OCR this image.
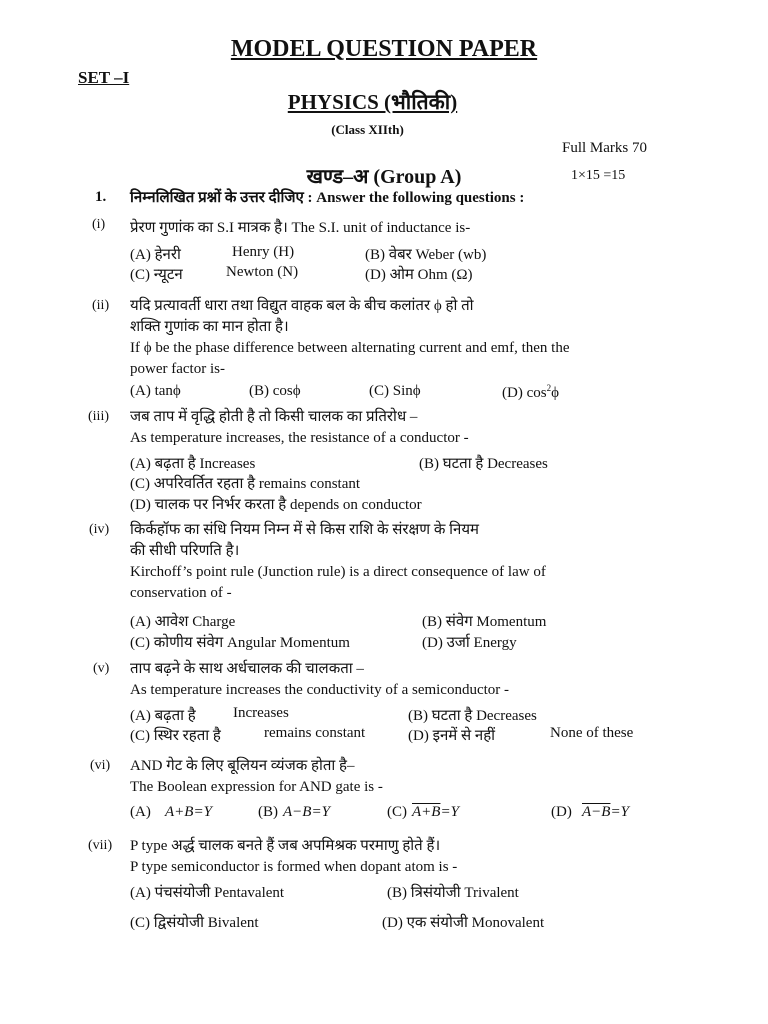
MODEL QUESTION PAPER
SET –I
PHYSICS (भौतिकी)
(Class XIIth)
Full Marks 70
खण्ड–अ (Group A)	1×15 =15
1. निम्नलिखित प्रश्नों के उत्तर दीजिए : Answer the following questions :
(i) प्रेरण गुणांक का S.I मात्रक है। The S.I. unit of inductance is-
(A) हेनरी	Henry (H)	(B) वेबर Weber (wb)
(C) न्यूटन	Newton (N)	(D) ओम Ohm (Ω)
(ii) यदि प्रत्यावर्ती धारा तथा विद्युत वाहक बल के बीच कलांतर ϕ हो तो
शक्ति गुणांक का मान होता है।
If ϕ be the phase difference between alternating current and emf, then the
power factor is-
(A) tanϕ	(B) cosϕ	(C) Sinϕ	(D) $\cos^2\phi$
(iii) जब ताप में वृद्धि होती है तो किसी चालक का प्रतिरोध –
As temperature increases, the resistance of a conductor -
(A) बढ़ता है Increases	(B) घटता है Decreases
(C) अपरिवर्तित रहता है remains constant
(D) चालक पर निर्भर करता है depends on conductor
(iv) किर्कहॉफ का संधि नियम निम्न में से किस राशि के संरक्षण के नियम
की सीधी परिणति है।
Kirchoff’s point rule (Junction rule) is a direct consequence of law of
conservation of -
(A) आवेश Charge	(B) संवेग Momentum
(C) कोणीय संवेग Angular Momentum	(D) उर्जा Energy
(v) ताप बढ़ने के साथ अर्धचालक की चालकता –
As temperature increases the conductivity of a semiconductor -
(A) बढ़ता है Increases	(B) घटता है Decreases
(C) स्थिर रहता है	remains constant	(D) इनमें से नहीं	None of these
(vi) AND गेट के लिए बूलियन व्यंजक होता है–
The Boolean expression for AND gate is -
(A) A+B=Y	(B) A−B=Y	(C) A+B=Y	(D) A−B=Y
(vii) P type अर्द्ध चालक बनते हैं जब अपमिश्रक परमाणु होते हैं।
P type semiconductor is formed when dopant atom is -
(A) पंचसंयोजी Pentavalent	(B) त्रिसंयोजी Trivalent
(C) द्विसंयोजी Bivalent	(D) एक संयोजी Monovalent
